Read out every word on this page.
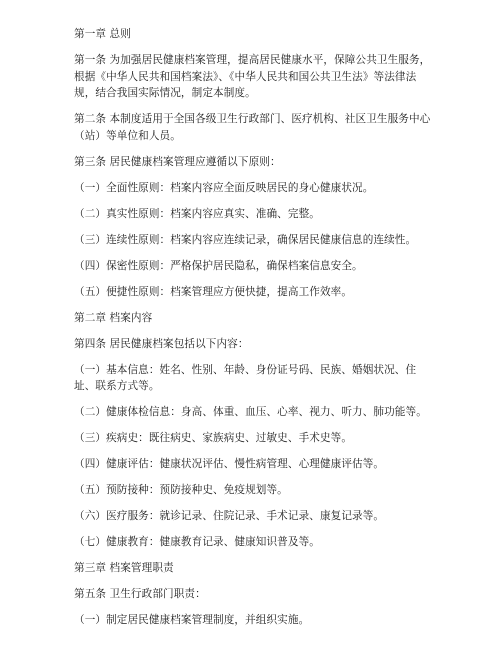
第一章 总则

第一条 为加强居民健康档案管理，提高居民健康水平，保障公共卫生服务，根据《中华人民共和国档案法》、《中华人民共和国公共卫生法》等法律法规，结合我国实际情况，制定本制度。

第二条 本制度适用于全国各级卫生行政部门、医疗机构、社区卫生服务中心（站）等单位和人员。

第三条 居民健康档案管理应遵循以下原则：

（一）全面性原则：档案内容应全面反映居民的身心健康状况。

（二）真实性原则：档案内容应真实、准确、完整。

（三）连续性原则：档案内容应连续记录，确保居民健康信息的连续性。

（四）保密性原则：严格保护居民隐私，确保档案信息安全。

（五）便捷性原则：档案管理应方便快捷，提高工作效率。

第二章 档案内容

第四条 居民健康档案包括以下内容：

（一）基本信息：姓名、性别、年龄、身份证号码、民族、婚姻状况、住址、联系方式等。

（二）健康体检信息：身高、体重、血压、心率、视力、听力、肺功能等。

（三）疾病史：既往病史、家族病史、过敏史、手术史等。

（四）健康评估：健康状况评估、慢性病管理、心理健康评估等。

（五）预防接种：预防接种史、免疫规划等。

（六）医疗服务：就诊记录、住院记录、手术记录、康复记录等。

（七）健康教育：健康教育记录、健康知识普及等。

第三章 档案管理职责

第五条 卫生行政部门职责：

（一）制定居民健康档案管理制度，并组织实施。
